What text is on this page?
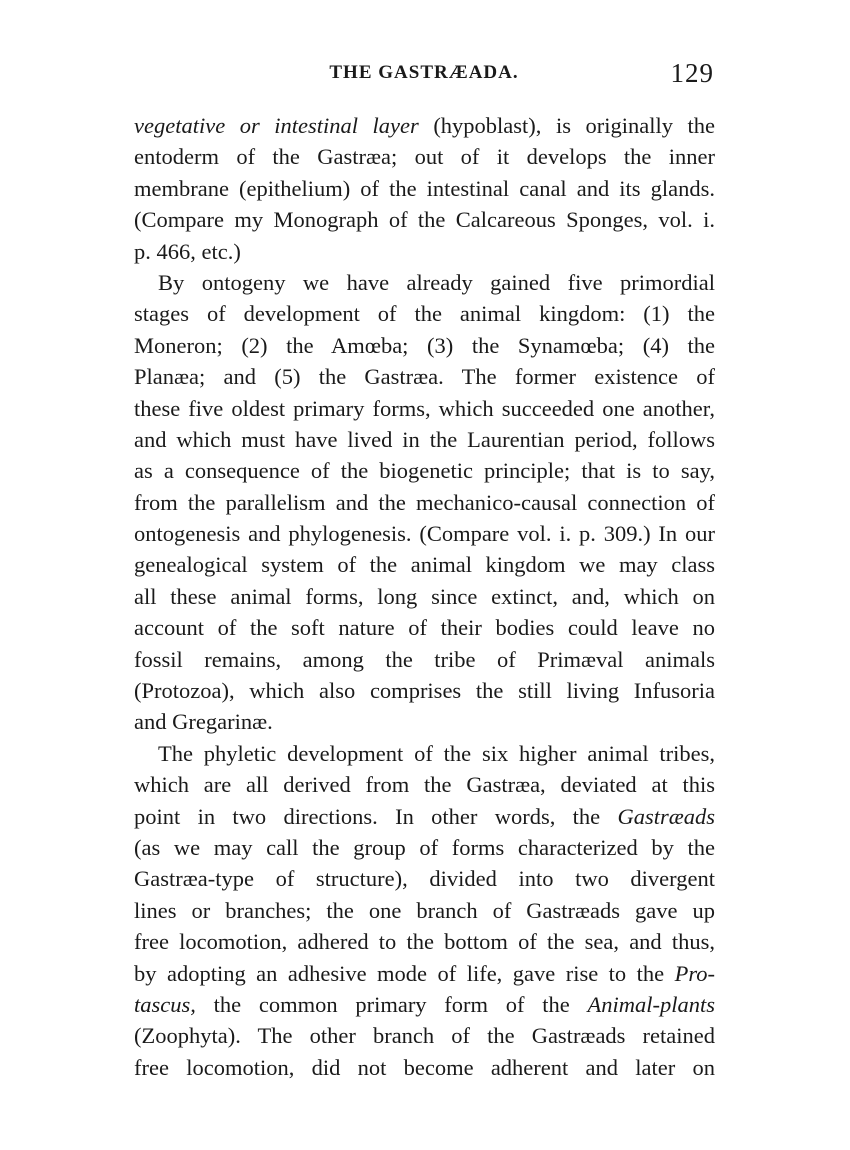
THE GASTRÆADA.	129
vegetative or intestinal layer (hypoblast), is originally the
entoderm of the Gastræa; out of it develops the inner
membrane (epithelium) of the intestinal canal and its glands.
(Compare my Monograph of the Calcareous Sponges, vol. i.
p. 466, etc.)
By ontogeny we have already gained five primordial
stages of development of the animal kingdom: (1) the
Moneron; (2) the Amœba; (3) the Synamœba; (4) the
Planæa; and (5) the Gastræa. The former existence of
these five oldest primary forms, which succeeded one another,
and which must have lived in the Laurentian period, follows
as a consequence of the biogenetic principle; that is to say,
from the parallelism and the mechanico-causal connection of
ontogenesis and phylogenesis. (Compare vol. i. p. 309.) In our
genealogical system of the animal kingdom we may class
all these animal forms, long since extinct, and, which on
account of the soft nature of their bodies could leave no
fossil remains, among the tribe of Primæval animals
(Protozoa), which also comprises the still living Infusoria
and Gregarinæ.
The phyletic development of the six higher animal tribes,
which are all derived from the Gastræa, deviated at this
point in two directions. In other words, the Gastræads
(as we may call the group of forms characterized by the
Gastræa-type of structure), divided into two divergent
lines or branches; the one branch of Gastræads gave up
free locomotion, adhered to the bottom of the sea, and thus,
by adopting an adhesive mode of life, gave rise to the Pro-
tascus, the common primary form of the Animal-plants
(Zoophyta). The other branch of the Gastræads retained
free locomotion, did not become adherent and later on
